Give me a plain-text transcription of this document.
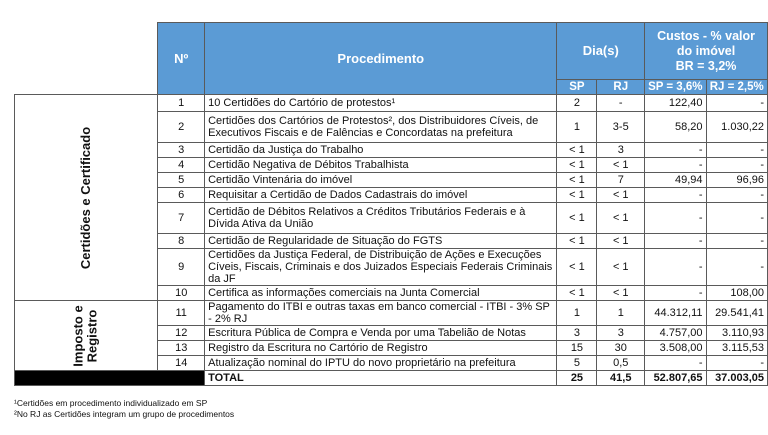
	Nº	Procedimento	Dia(s)		Custos - % valor
do imóvel
BR = 3,2%	

			SP	RJ	SP = 3,6%	RJ = 2,5%
Certidões e Certificado	1	10 Certidões do Cartório de protestos¹	2	-	122,40	-
	2	Certidões dos Cartórios de Protestos², dos Distribuidores Cíveis, de Executivos Fiscais e de Falências e Concordatas na prefeitura	1	3-5	58,20	1.030,22
	3	Certidão da Justiça do Trabalho	< 1	3	-	-
	4	Certidão Negativa de Débitos Trabalhista	< 1	< 1	-	-
	5	Certidão Vintenária do imóvel	< 1	7	49,94	96,96
	6	Requisitar a Certidão de Dados Cadastrais do imóvel	< 1	< 1	-	-
	7	Certidão de Débitos Relativos a Créditos Tributários Federais e à Dívida Ativa da União	< 1	< 1	-	-
	8	Certidão de Regularidade de Situação do FGTS	< 1	< 1	-	-
	9	Certidões da Justiça Federal, de Distribuição de Ações e Execuções Cíveis, Fiscais, Criminais e dos Juizados Especiais Federais Criminais da JF	< 1	< 1	-	-
	10	Certifica as informações comerciais na Junta Comercial	< 1	< 1	-	108,00

Imposto e Registro	11	Pagamento do ITBI e outras taxas em banco comercial - ITBI - 3% SP - 2% RJ	1	1	44.312,11	29.541,41
	12	Escritura Pública de Compra e Venda por uma Tabelião de Notas	3	3	4.757,00	3.110,93
	13	Registro da Escritura no Cartório de Registro	15	30	3.508,00	3.115,53
	14	Atualização nominal do IPTU do novo proprietário na prefeitura	5	0,5	-	-
		TOTAL	25	41,5	52.807,65	37.003,05
¹Certidões em procedimento individualizado em SP
²No RJ as Certidões integram um grupo de procedimentos
